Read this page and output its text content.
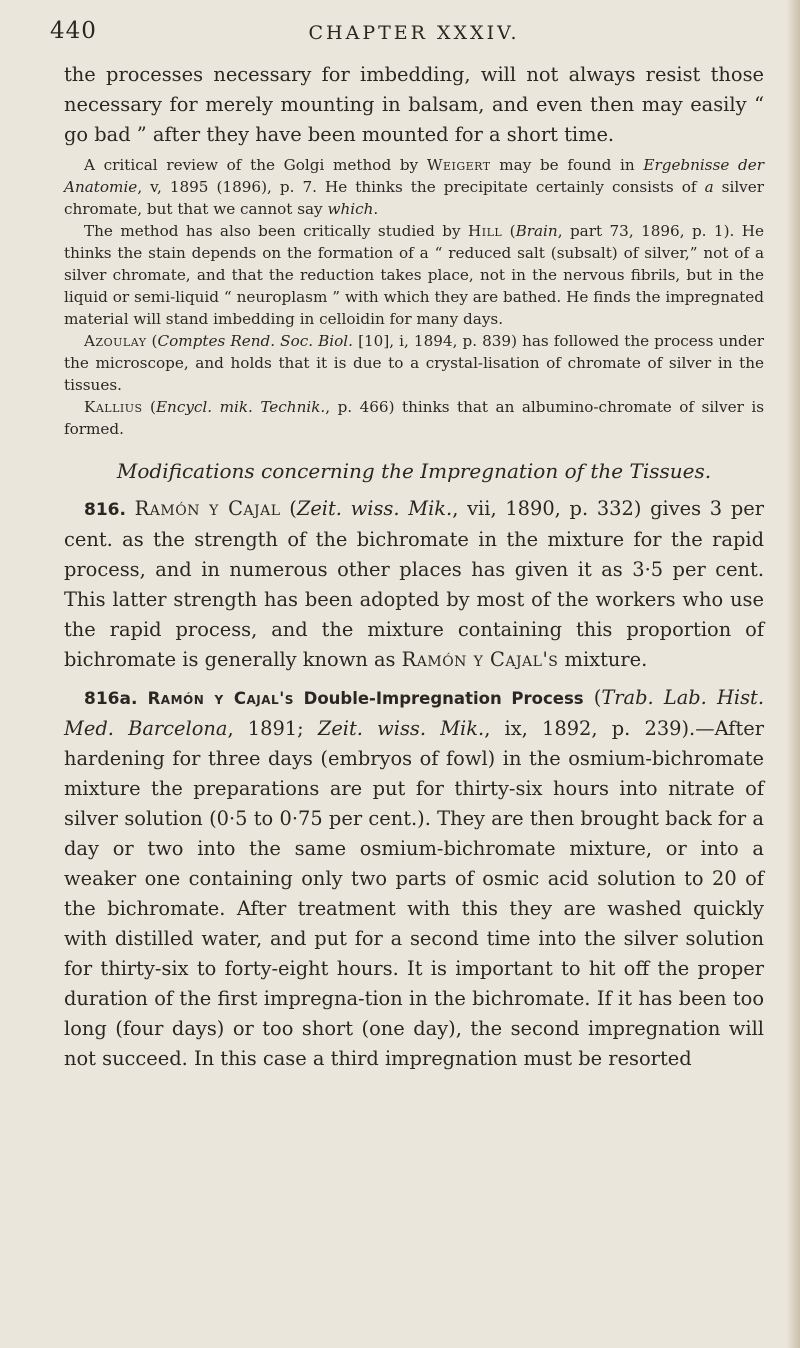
440	CHAPTER XXXIV.

the processes necessary for imbedding, will not always resist those necessary for merely mounting in balsam, and even then may easily “ go bad ” after they have been mounted for a short time.

A critical review of the Golgi method by Weigert may be found in Ergebnisse der Anatomie, v, 1895 (1896), p. 7. He thinks the precipitate certainly consists of a silver chromate, but that we cannot say which.

The method has also been critically studied by Hill (Brain, part 73, 1896, p. 1). He thinks the stain depends on the formation of a “ reduced salt (subsalt) of silver,” not of a silver chromate, and that the reduction takes place, not in the nervous fibrils, but in the liquid or semi-liquid “ neuroplasm ” with which they are bathed. He finds the impregnated material will stand imbedding in celloidin for many days.

Azoulay (Comptes Rend. Soc. Biol. [10], i, 1894, p. 839) has followed the process under the microscope, and holds that it is due to a crystal-lisation of chromate of silver in the tissues.

Kallius (Encycl. mik. Technik., p. 466) thinks that an albumino-chromate of silver is formed.

Modifications concerning the Impregnation of the Tissues.

816. Ramón y Cajal (Zeit. wiss. Mik., vii, 1890, p. 332) gives 3 per cent. as the strength of the bichromate in the mixture for the rapid process, and in numerous other places has given it as 3·5 per cent. This latter strength has been adopted by most of the workers who use the rapid process, and the mixture containing this proportion of bichromate is generally known as Ramón y Cajal's mixture.

816a. Ramón y Cajal's Double-Impregnation Process (Trab. Lab. Hist. Med. Barcelona, 1891; Zeit. wiss. Mik., ix, 1892, p. 239).—After hardening for three days (embryos of fowl) in the osmium-bichromate mixture the preparations are put for thirty-six hours into nitrate of silver solution (0·5 to 0·75 per cent.). They are then brought back for a day or two into the same osmium-bichromate mixture, or into a weaker one containing only two parts of osmic acid solution to 20 of the bichromate. After treatment with this they are washed quickly with distilled water, and put for a second time into the silver solution for thirty-six to forty-eight hours. It is important to hit off the proper duration of the first impregna-tion in the bichromate. If it has been too long (four days) or too short (one day), the second impregnation will not succeed. In this case a third impregnation must be resorted
